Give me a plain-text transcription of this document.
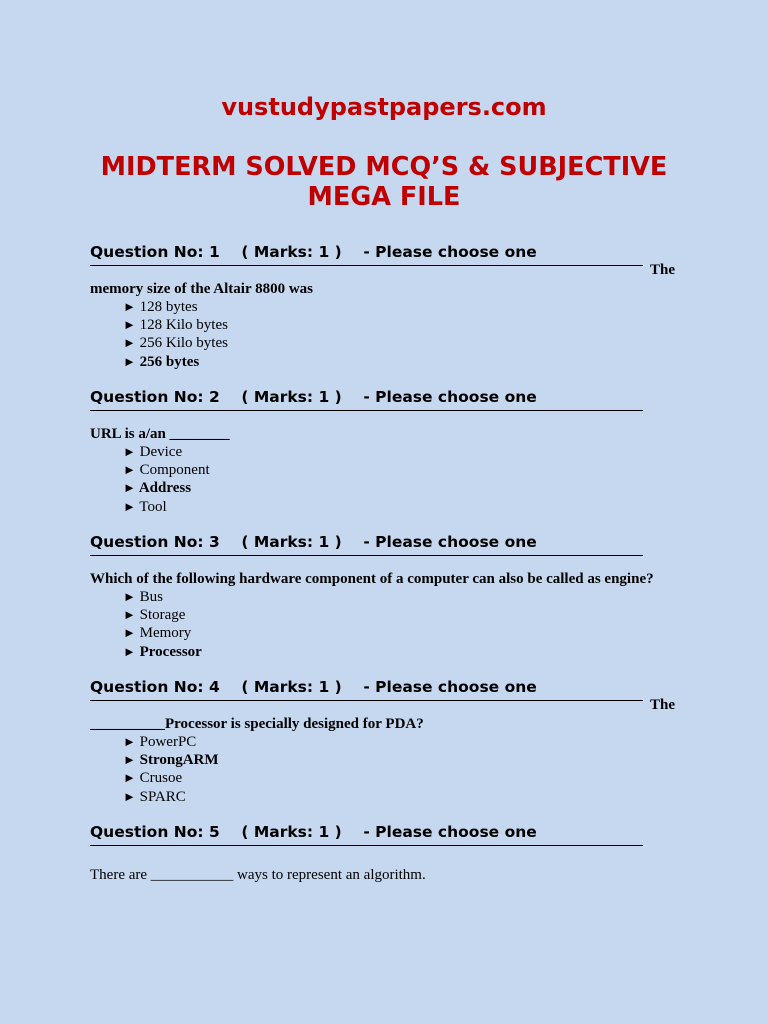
vustudypastpapers.com
MIDTERM SOLVED MCQ’S & SUBJECTIVE
MEGA FILE
Question No: 1    ( Marks: 1 )    - Please choose one
The
memory size of the Altair 8800 was
► 128 bytes
► 128 Kilo bytes
► 256 Kilo bytes
► 256 bytes
Question No: 2    ( Marks: 1 )    - Please choose one
URL is a/an ________
► Device
► Component
► Address
► Tool
Question No: 3    ( Marks: 1 )    - Please choose one
Which of the following hardware component of a computer can also be called as engine?
► Bus
► Storage
► Memory
► Processor
Question No: 4    ( Marks: 1 )    - Please choose one
The
__________Processor is specially designed for PDA?
► PowerPC
► StrongARM
► Crusoe
► SPARC
Question No: 5    ( Marks: 1 )    - Please choose one
There are ___________ ways to represent an algorithm.
